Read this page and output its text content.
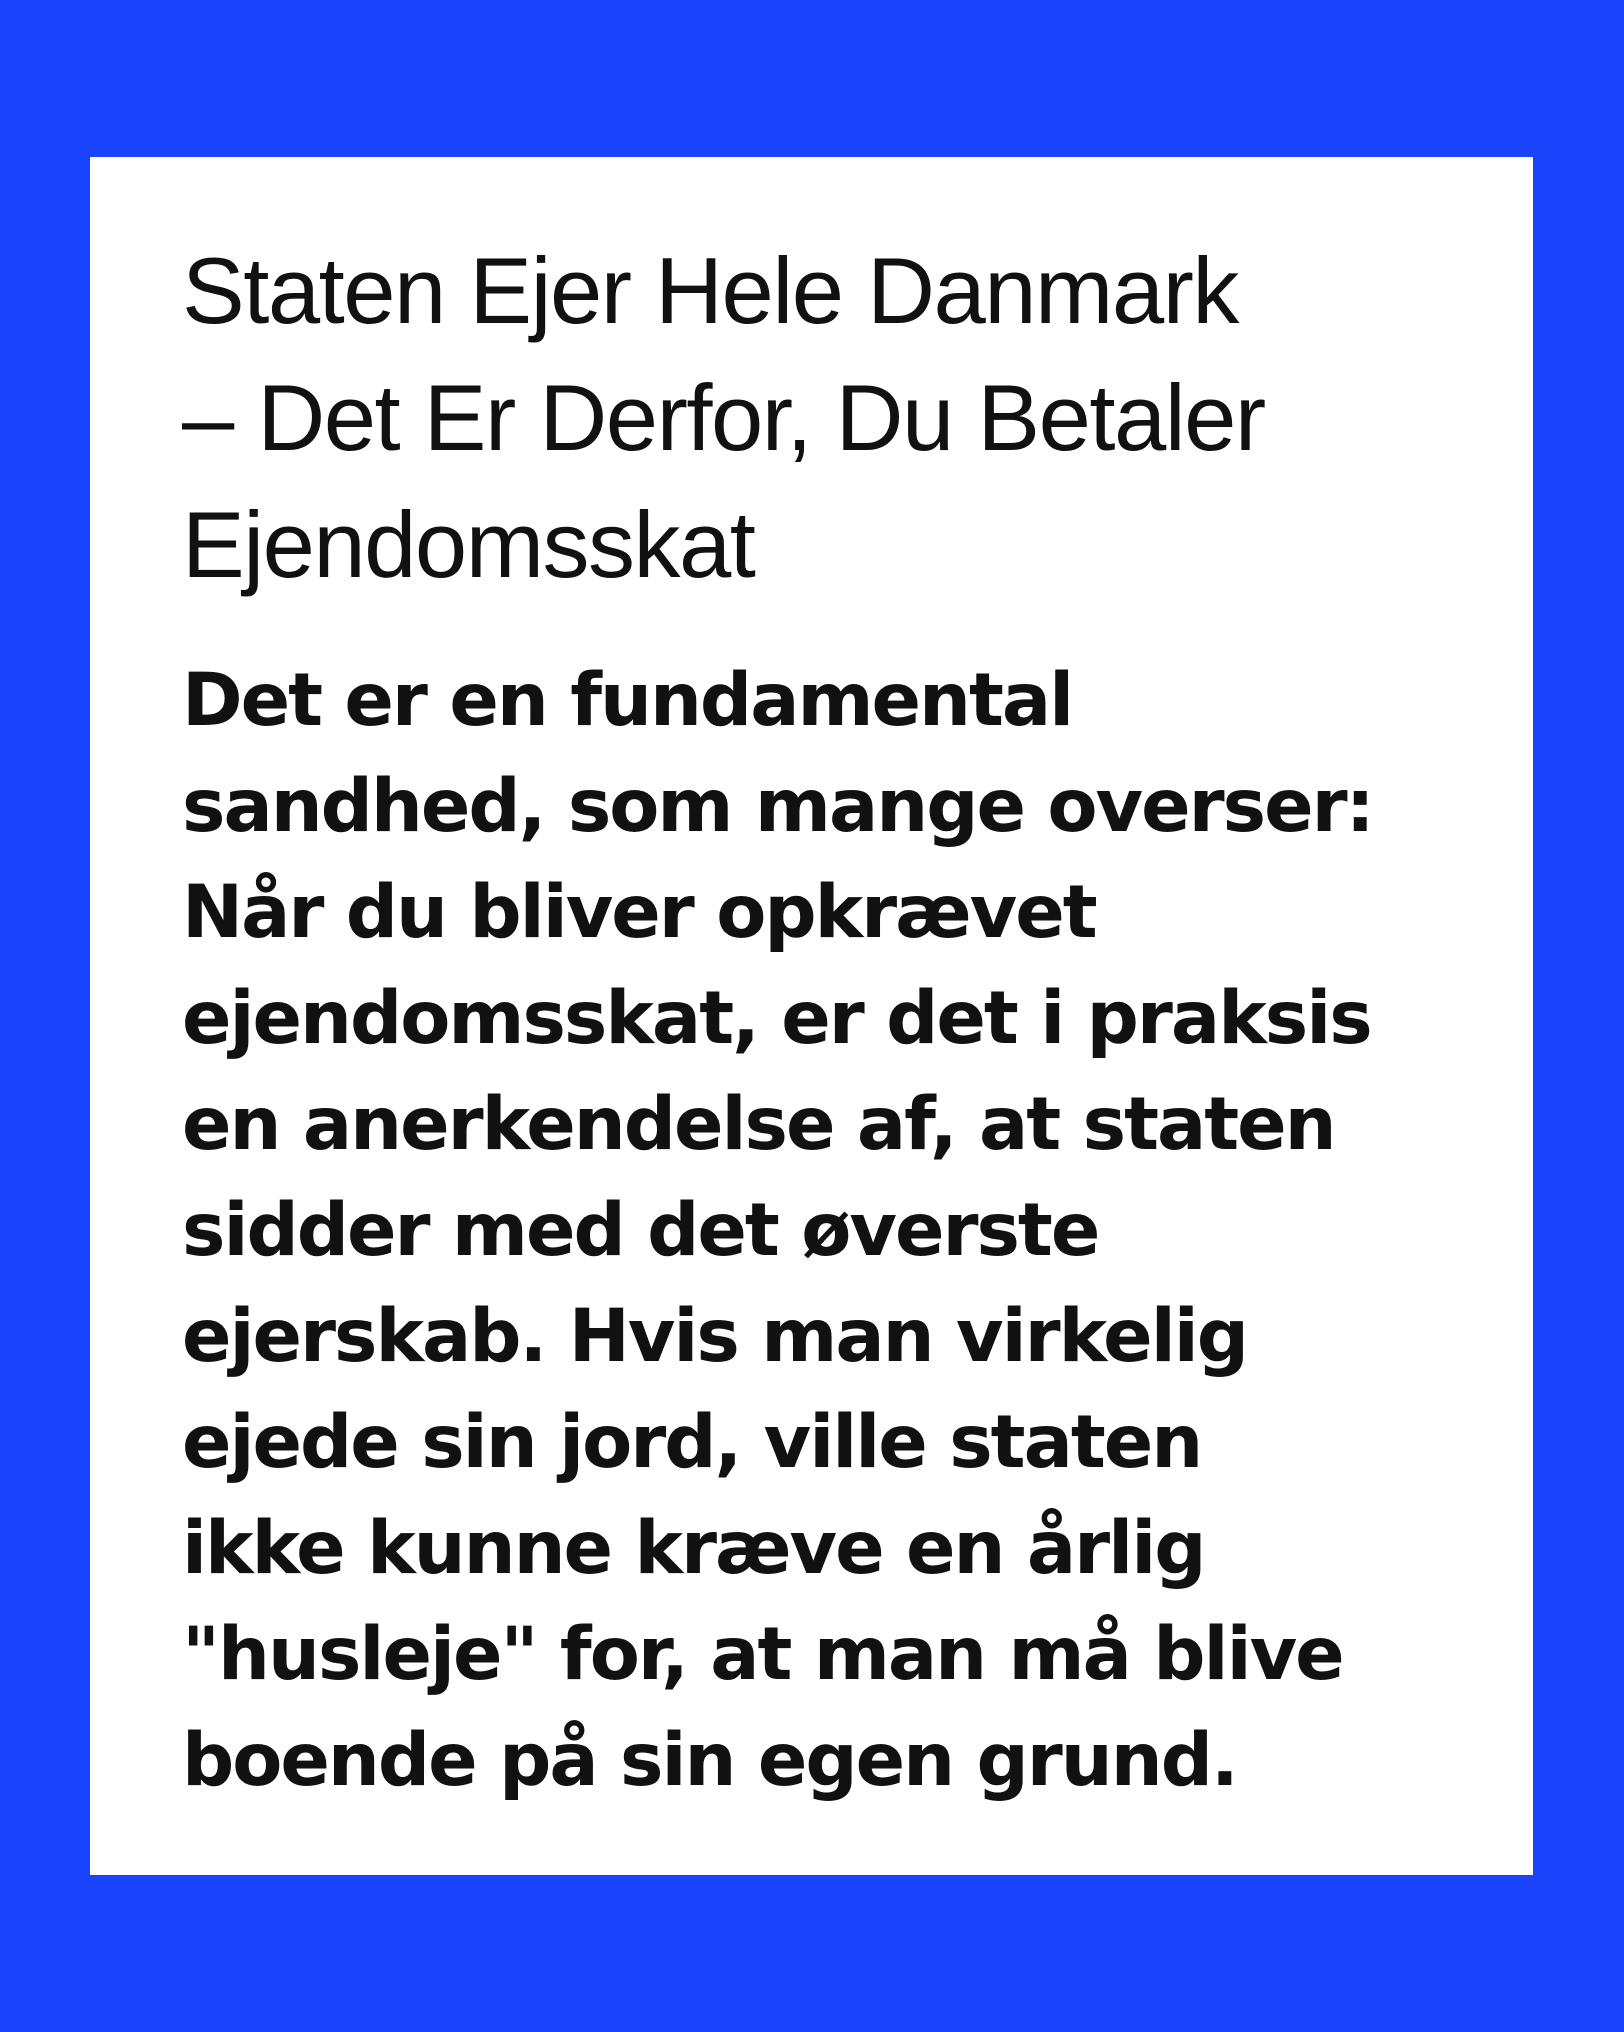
Staten Ejer Hele Danmark
– Det Er Derfor, Du Betaler
Ejendomsskat
Det er en fundamental
sandhed, som mange overser:
Når du bliver opkrævet
ejendomsskat, er det i praksis
en anerkendelse af, at staten
sidder med det øverste
ejerskab. Hvis man virkelig
ejede sin jord, ville staten
ikke kunne kræve en årlig
"husleje" for, at man må blive
boende på sin egen grund.
